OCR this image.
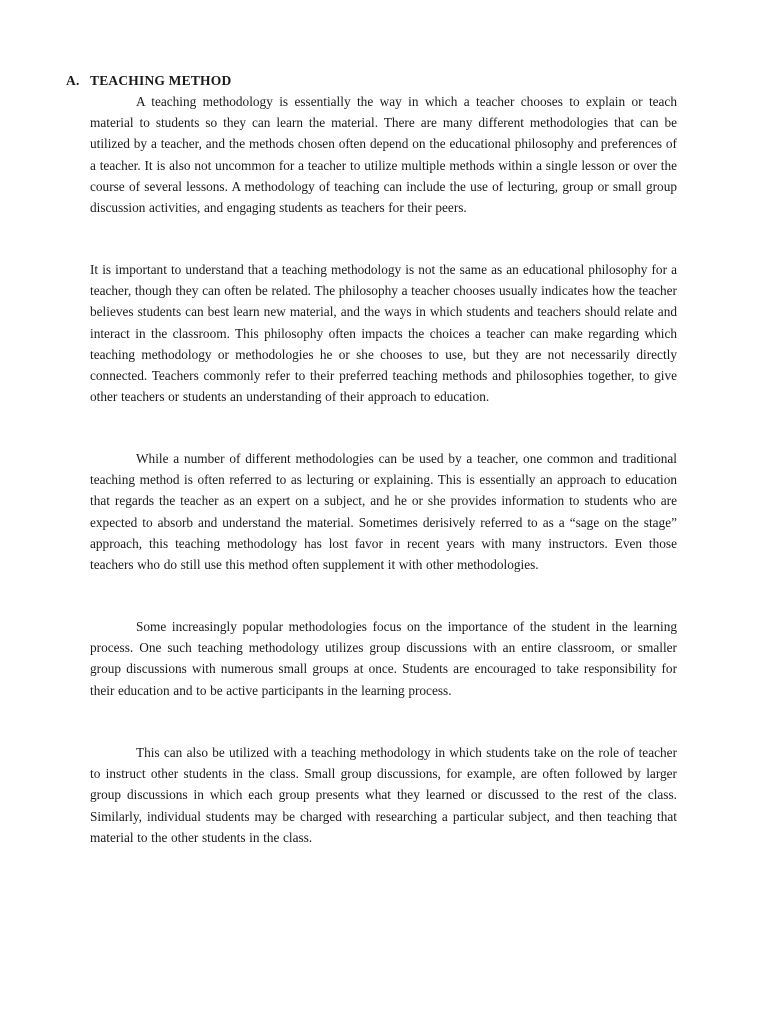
A. TEACHING METHOD

A teaching methodology is essentially the way in which a teacher chooses to explain or teach material to students so they can learn the material. There are many different methodologies that can be utilized by a teacher, and the methods chosen often depend on the educational philosophy and preferences of a teacher. It is also not uncommon for a teacher to utilize multiple methods within a single lesson or over the course of several lessons. A methodology of teaching can include the use of lecturing, group or small group discussion activities, and engaging students as teachers for their peers.

It is important to understand that a teaching methodology is not the same as an educational philosophy for a teacher, though they can often be related. The philosophy a teacher chooses usually indicates how the teacher believes students can best learn new material, and the ways in which students and teachers should relate and interact in the classroom. This philosophy often impacts the choices a teacher can make regarding which teaching methodology or methodologies he or she chooses to use, but they are not necessarily directly connected. Teachers commonly refer to their preferred teaching methods and philosophies together, to give other teachers or students an understanding of their approach to education.

While a number of different methodologies can be used by a teacher, one common and traditional teaching method is often referred to as lecturing or explaining. This is essentially an approach to education that regards the teacher as an expert on a subject, and he or she provides information to students who are expected to absorb and understand the material. Sometimes derisively referred to as a “sage on the stage” approach, this teaching methodology has lost favor in recent years with many instructors. Even those teachers who do still use this method often supplement it with other methodologies.

Some increasingly popular methodologies focus on the importance of the student in the learning process. One such teaching methodology utilizes group discussions with an entire classroom, or smaller group discussions with numerous small groups at once. Students are encouraged to take responsibility for their education and to be active participants in the learning process.

This can also be utilized with a teaching methodology in which students take on the role of teacher to instruct other students in the class. Small group discussions, for example, are often followed by larger group discussions in which each group presents what they learned or discussed to the rest of the class. Similarly, individual students may be charged with researching a particular subject, and then teaching that material to the other students in the class.
